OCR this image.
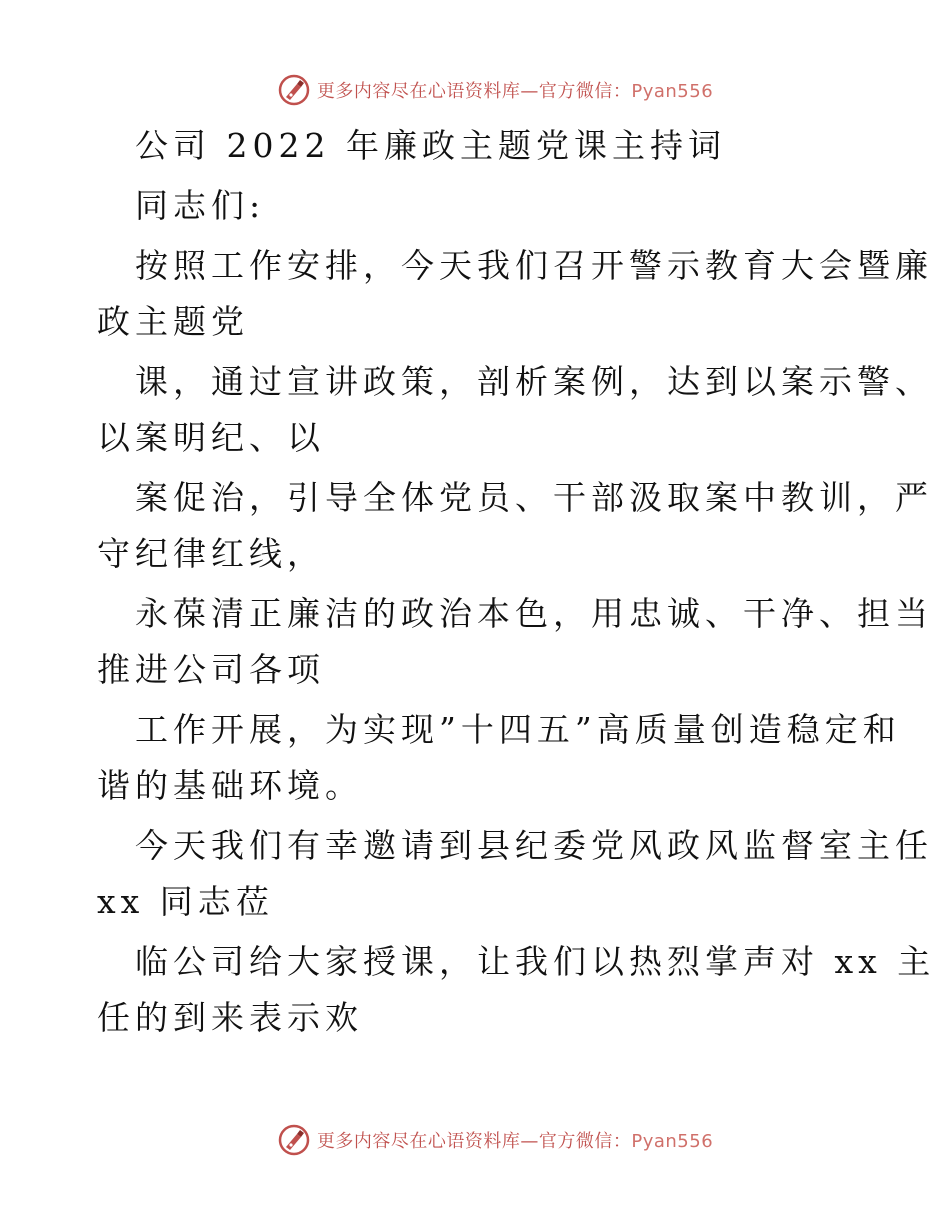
更多内容尽在心语资料库—官方微信：Pyan556
公司 2022 年廉政主题党课主持词
同志们:
按照工作安排，今天我们召开警示教育大会暨廉
政主题党
课，通过宣讲政策，剖析案例，达到以案示警、
以案明纪、以
案促治，引导全体党员、干部汲取案中教训，严
守纪律红线，
永葆清正廉洁的政治本色，用忠诚、干净、担当
推进公司各项
工作开展，为实现”十四五”高质量创造稳定和
谐的基础环境。
今天我们有幸邀请到县纪委党风政风监督室主任
xx 同志莅
临公司给大家授课，让我们以热烈掌声对 xx 主
任的到来表示欢
更多内容尽在心语资料库—官方微信：Pyan556
